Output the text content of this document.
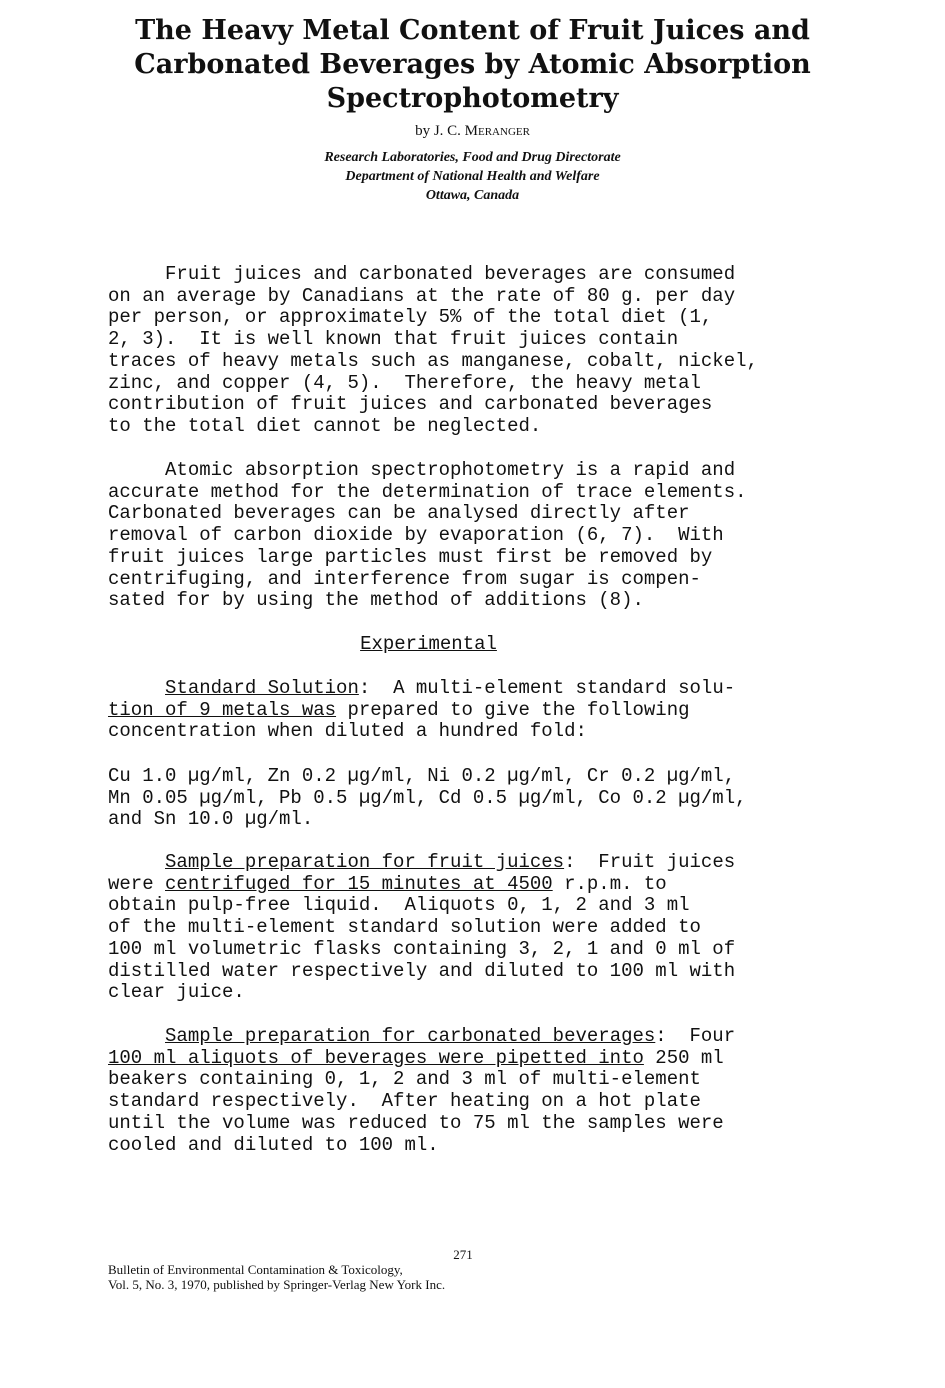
The Heavy Metal Content of Fruit Juices and
Carbonated Beverages by Atomic Absorption
Spectrophotometry
by J. C. Meranger
Research Laboratories, Food and Drug Directorate
Department of National Health and Welfare
Ottawa, Canada
Fruit juices and carbonated beverages are consumed
on an average by Canadians at the rate of 80 g. per day
per person, or approximately 5% of the total diet (1,
2, 3).  It is well known that fruit juices contain
traces of heavy metals such as manganese, cobalt, nickel,
zinc, and copper (4, 5).  Therefore, the heavy metal
contribution of fruit juices and carbonated beverages
to the total diet cannot be neglected.
Atomic absorption spectrophotometry is a rapid and
accurate method for the determination of trace elements.
Carbonated beverages can be analysed directly after
removal of carbon dioxide by evaporation (6, 7).  With
fruit juices large particles must first be removed by
centrifuging, and interference from sugar is compen-
sated for by using the method of additions (8).
Experimental
Standard Solution:  A multi-element standard solu-
tion of 9 metals was prepared to give the following
concentration when diluted a hundred fold:
Cu 1.0 µg/ml, Zn 0.2 µg/ml, Ni 0.2 µg/ml, Cr 0.2 µg/ml,
Mn 0.05 µg/ml, Pb 0.5 µg/ml, Cd 0.5 µg/ml, Co 0.2 µg/ml,
and Sn 10.0 µg/ml.
Sample preparation for fruit juices:  Fruit juices
were centrifuged for 15 minutes at 4500 r.p.m. to
obtain pulp-free liquid.  Aliquots 0, 1, 2 and 3 ml
of the multi-element standard solution were added to
100 ml volumetric flasks containing 3, 2, 1 and 0 ml of
distilled water respectively and diluted to 100 ml with
clear juice.
Sample preparation for carbonated beverages:  Four
100 ml aliquots of beverages were pipetted into 250 ml
beakers containing 0, 1, 2 and 3 ml of multi-element
standard respectively.  After heating on a hot plate
until the volume was reduced to 75 ml the samples were
cooled and diluted to 100 ml.
271
Bulletin of Environmental Contamination & Toxicology,
Vol. 5, No. 3, 1970, published by Springer-Verlag New York Inc.
